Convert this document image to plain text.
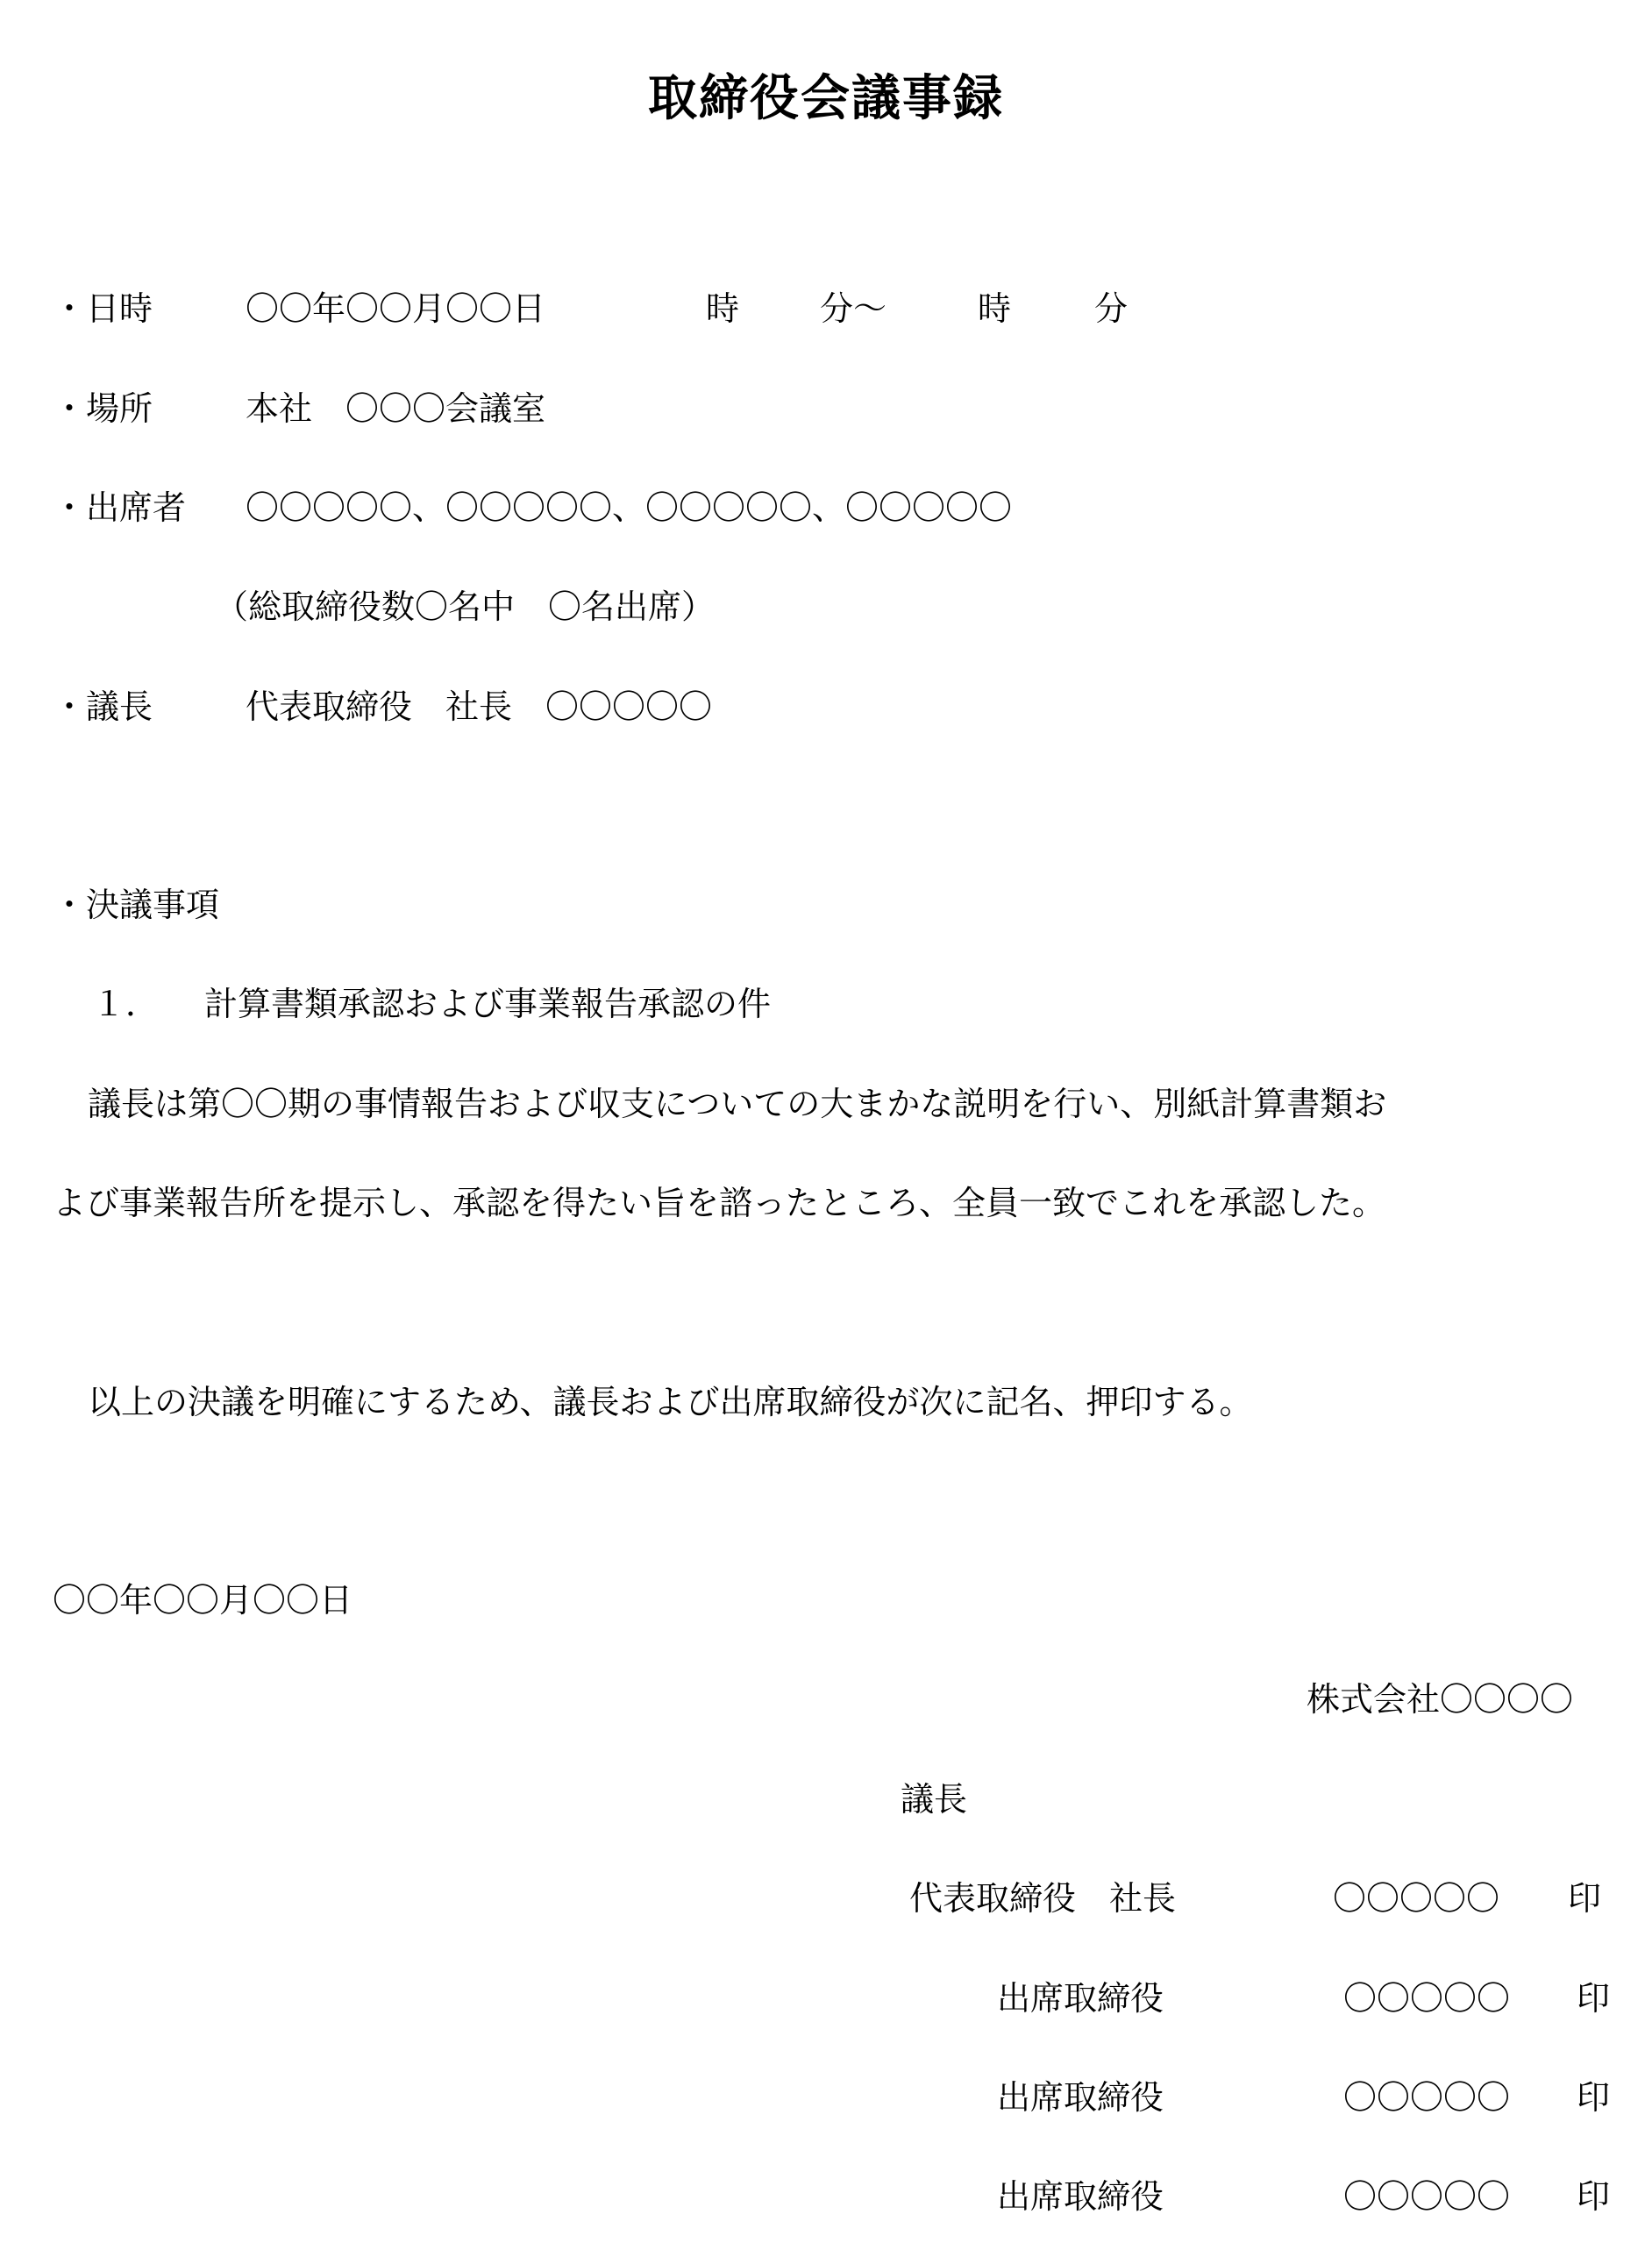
取締役会議事録
・日時	〇〇年〇〇月〇〇日	時 分～	時 分
・場所	本社　〇〇〇会議室
・出席者 〇〇〇〇〇、〇〇〇〇〇、〇〇〇〇〇、〇〇〇〇〇
（総取締役数〇名中　〇名出席）
・議長	代表取締役　社長　〇〇〇〇〇
・決議事項
１． 計算書類承認および事業報告承認の件
議長は第〇〇期の事情報告および収支についての大まかな説明を行い、別紙計算書類お
よび事業報告所を提示し、承認を得たい旨を諮ったところ、全員一致でこれを承認した。
以上の決議を明確にするため、議長および出席取締役が次に記名、押印する。
〇〇年〇〇月〇〇日
株式会社〇〇〇〇
議長
代表取締役　社長	〇〇〇〇〇 印
出席取締役	〇〇〇〇〇 印
出席取締役	〇〇〇〇〇 印
出席取締役	〇〇〇〇〇 印
